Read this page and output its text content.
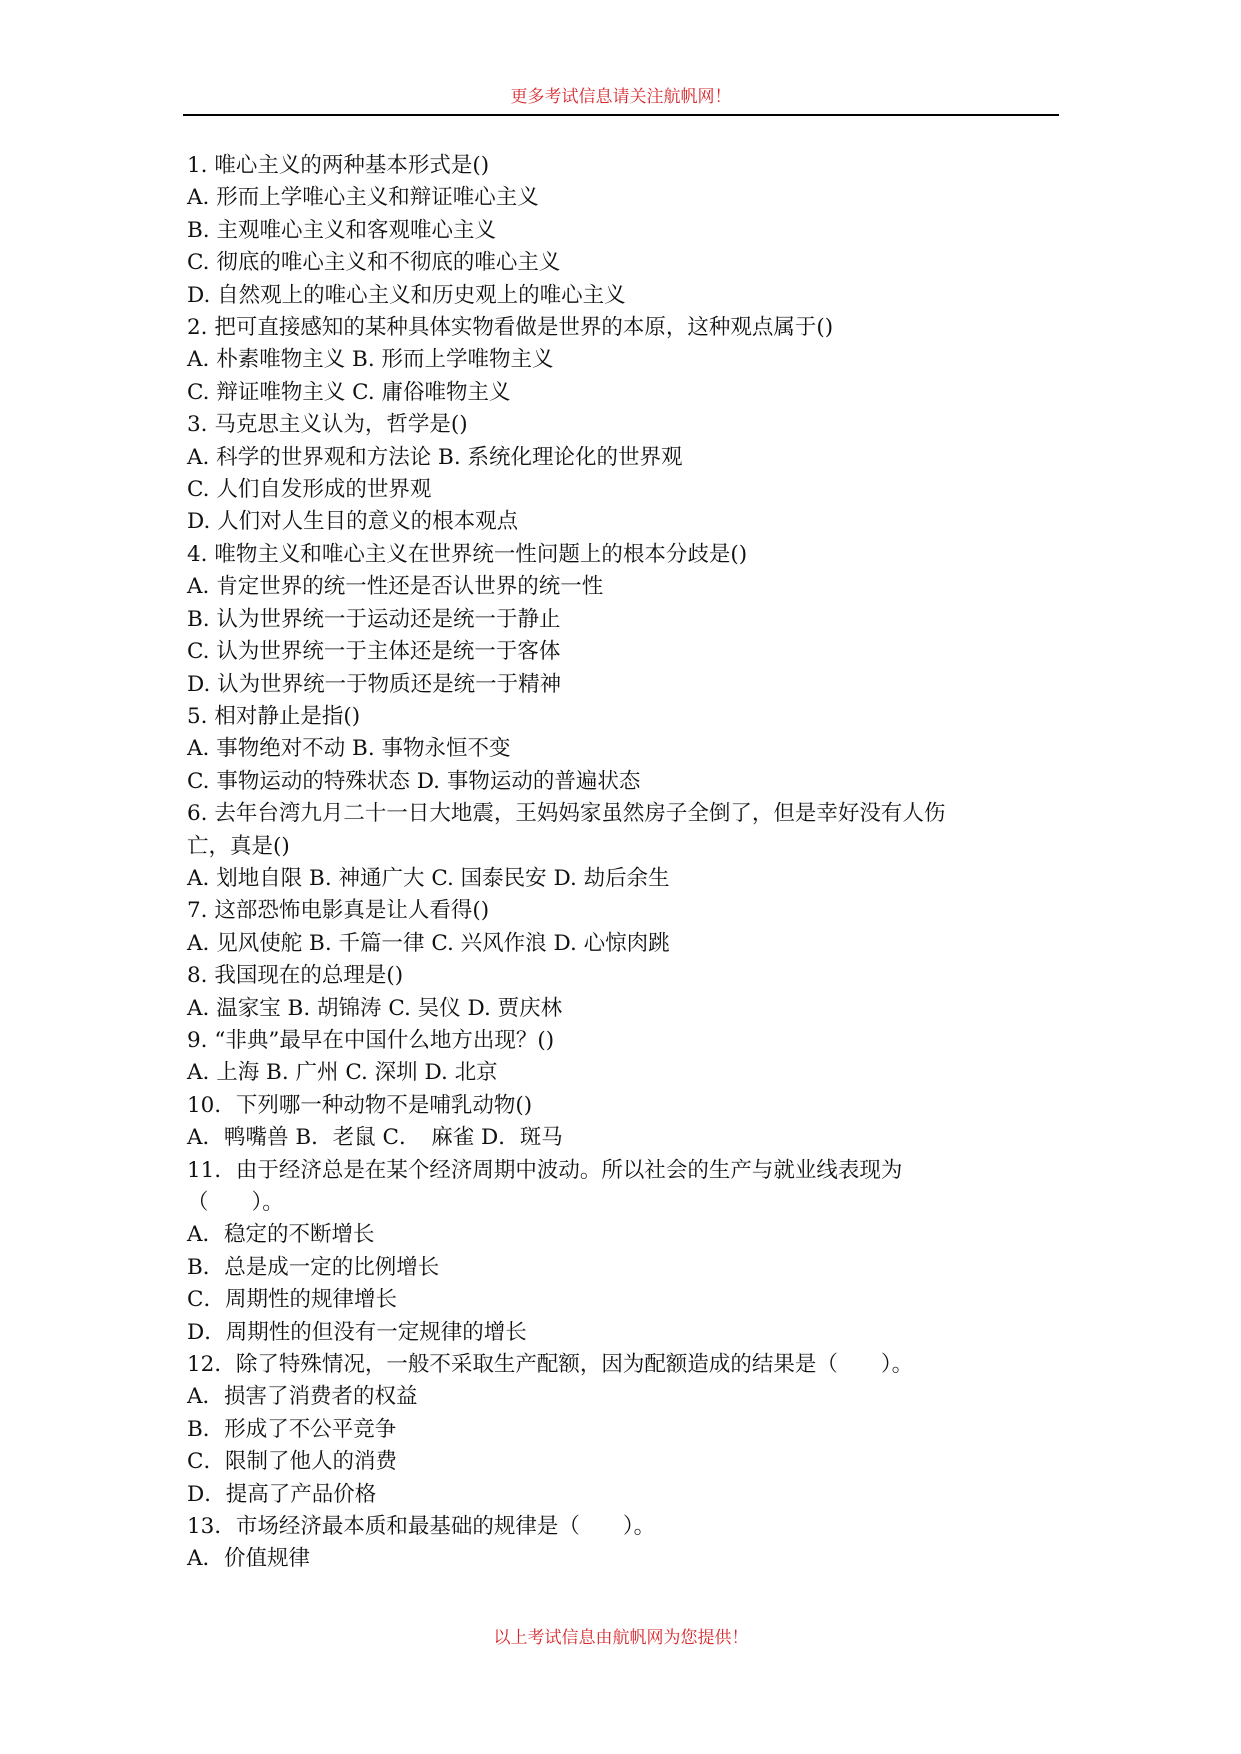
更多考试信息请关注航帆网！
1. 唯心主义的两种基本形式是()
A. 形而上学唯心主义和辩证唯心主义
B. 主观唯心主义和客观唯心主义
C. 彻底的唯心主义和不彻底的唯心主义
D. 自然观上的唯心主义和历史观上的唯心主义
2. 把可直接感知的某种具体实物看做是世界的本原，这种观点属于()
A. 朴素唯物主义 B. 形而上学唯物主义
C. 辩证唯物主义 C. 庸俗唯物主义
3. 马克思主义认为，哲学是()
A. 科学的世界观和方法论 B. 系统化理论化的世界观
C. 人们自发形成的世界观
D. 人们对人生目的意义的根本观点
4. 唯物主义和唯心主义在世界统一性问题上的根本分歧是()
A. 肯定世界的统一性还是否认世界的统一性
B. 认为世界统一于运动还是统一于静止
C. 认为世界统一于主体还是统一于客体
D. 认为世界统一于物质还是统一于精神
5. 相对静止是指()
A. 事物绝对不动 B. 事物永恒不变
C. 事物运动的特殊状态 D. 事物运动的普遍状态
6. 去年台湾九月二十一日大地震，王妈妈家虽然房子全倒了，但是幸好没有人伤
亡，真是()
A. 划地自限 B. 神通广大 C. 国泰民安 D. 劫后余生
7. 这部恐怖电影真是让人看得()
A. 见风使舵 B. 千篇一律 C. 兴风作浪 D. 心惊肉跳
8. 我国现在的总理是()
A. 温家宝 B. 胡锦涛 C. 吴仪 D. 贾庆林
9. “非典”最早在中国什么地方出现？()
A. 上海 B. 广州 C. 深圳 D. 北京
10．下列哪一种动物不是哺乳动物()
A．鸭嘴兽 B．老鼠 C．　麻雀 D．斑马
11．由于经济总是在某个经济周期中波动。所以社会的生产与就业线表现为
（　　）。
A．稳定的不断增长
B．总是成一定的比例增长
C．周期性的规律增长
D．周期性的但没有一定规律的增长
12．除了特殊情况，一般不采取生产配额，因为配额造成的结果是（　　）。
A．损害了消费者的权益
B．形成了不公平竞争
C．限制了他人的消费
D．提高了产品价格
13．市场经济最本质和最基础的规律是（　　）。
A．价值规律
以上考试信息由航帆网为您提供！
